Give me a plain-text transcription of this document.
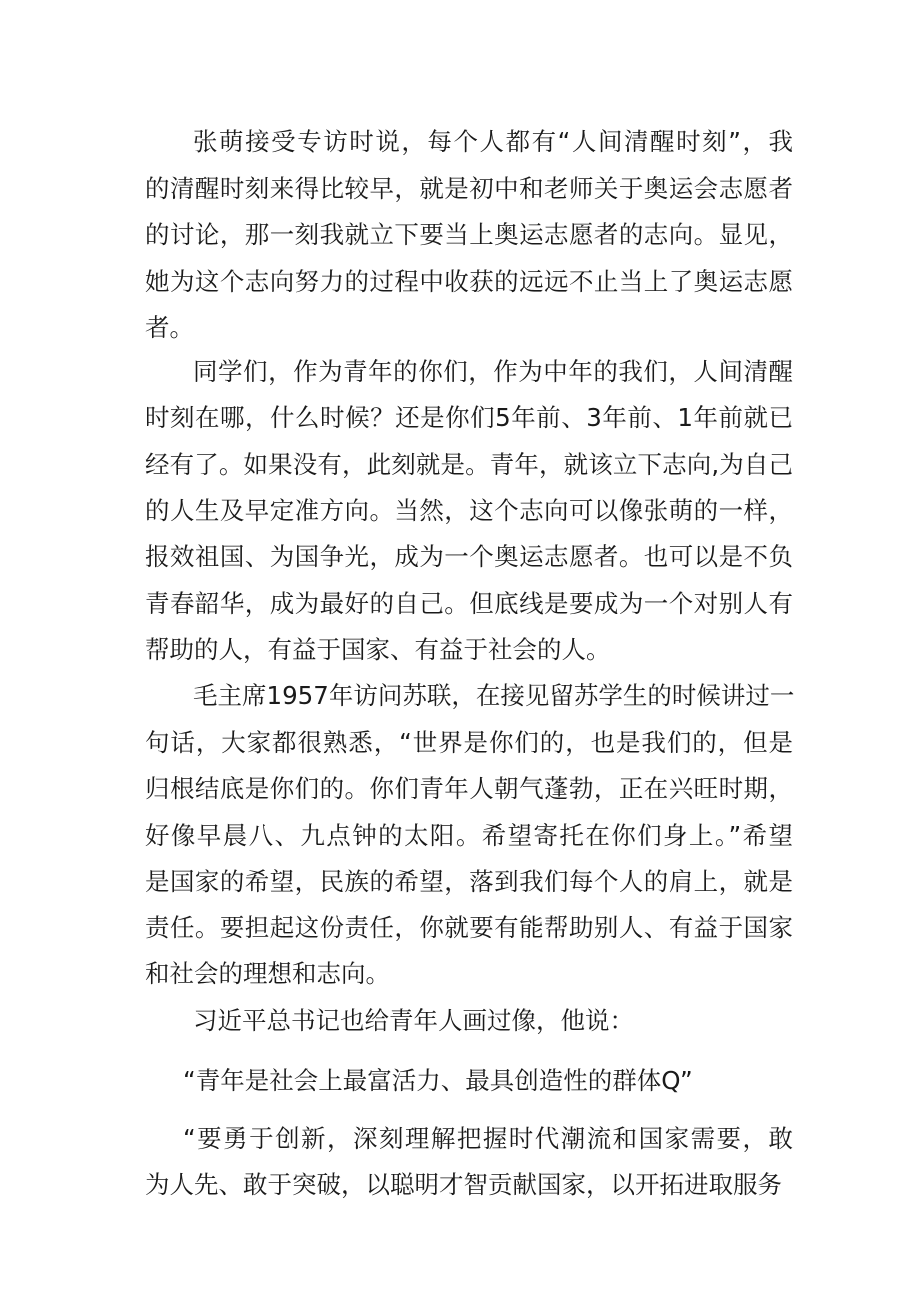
张萌接受专访时说，每个人都有“人间清醒时刻”，我
的清醒时刻来得比较早，就是初中和老师关于奥运会志愿者
的讨论，那一刻我就立下要当上奥运志愿者的志向。显见，
她为这个志向努力的过程中收获的远远不止当上了奥运志愿
者。
同学们，作为青年的你们，作为中年的我们，人间清醒
时刻在哪，什么时候？还是你们5年前、3年前、1年前就已
经有了。如果没有，此刻就是。青年，就该立下志向,为自己
的人生及早定准方向。当然，这个志向可以像张萌的一样，
报效祖国、为国争光，成为一个奥运志愿者。也可以是不负
青春韶华，成为最好的自己。但底线是要成为一个对别人有
帮助的人，有益于国家、有益于社会的人。
毛主席1957年访问苏联，在接见留苏学生的时候讲过一
句话，大家都很熟悉，“世界是你们的，也是我们的，但是
归根结底是你们的。你们青年人朝气蓬勃，正在兴旺时期，
好像早晨八、九点钟的太阳。希望寄托在你们身上。”希望
是国家的希望，民族的希望，落到我们每个人的肩上，就是
责任。要担起这份责任，你就要有能帮助别人、有益于国家
和社会的理想和志向。
习近平总书记也给青年人画过像，他说：
“青年是社会上最富活力、最具创造性的群体Q”
“要勇于创新，深刻理解把握时代潮流和国家需要，敢
为人先、敢于突破，以聪明才智贡献国家，以开拓进取服务
